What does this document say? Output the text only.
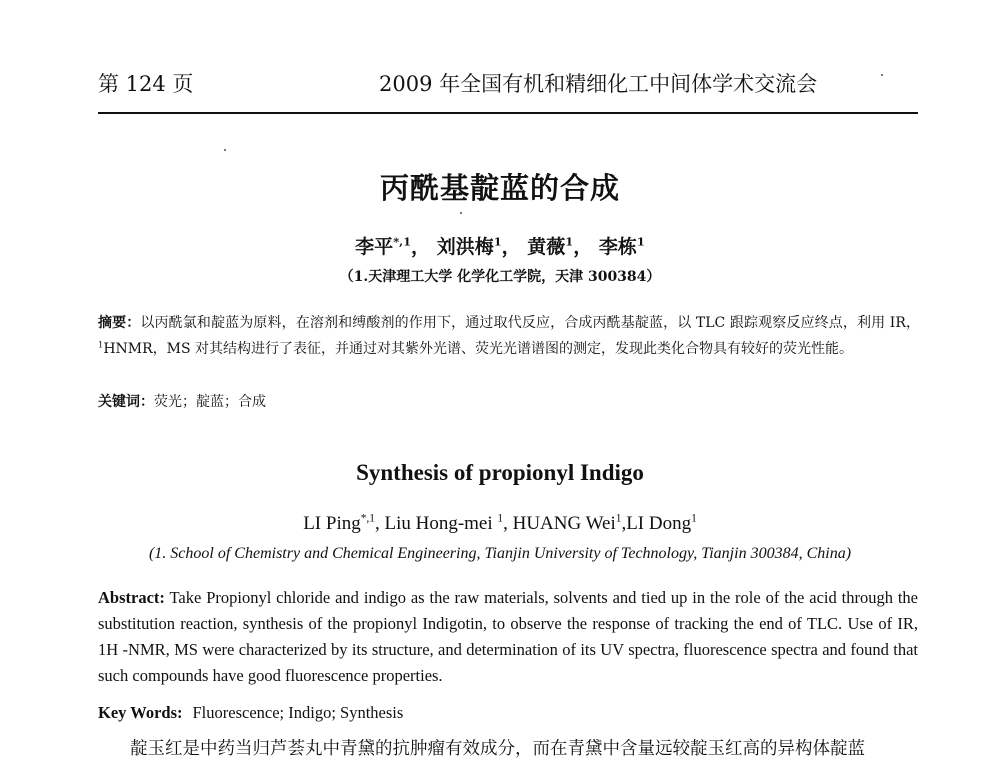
第 124 页	2009 年全国有机和精细化工中间体学术交流会
丙酰基靛蓝的合成
李平$^{*,1}$， 刘洪梅$^1$， 黄薇$^1$， 李栋$^1$
（1.天津理工大学 化学化工学院，天津 300384）
摘要：以丙酰氯和靛蓝为原料，在溶剂和缚酸剂的作用下，通过取代反应，合成丙酰基靛蓝，以 TLC 跟踪观察反应终点，利用 IR，$^1$HNMR，MS 对其结构进行了表征，并通过对其紫外光谱、荧光光谱谱图的测定，发现此类化合物具有较好的荧光性能。
关键词：荧光；靛蓝；合成
Synthesis of propionyl Indigo
LI Ping$^{*,1}$, Liu Hong-mei $^1$, HUANG Wei$^1$,LI Dong$^1$
(1. School of Chemistry and Chemical Engineering, Tianjin University of Technology, Tianjin 300384, China)
Abstract: Take Propionyl chloride and indigo as the raw materials, solvents and tied up in the role of the acid through the substitution reaction, synthesis of the propionyl Indigotin, to observe the response of tracking the end of TLC. Use of IR, 1H -NMR, MS were characterized by its structure, and determination of its UV spectra, fluorescence spectra and found that such compounds have good fluorescence properties.
Key Words: Fluorescence; Indigo; Synthesis
靛玉红是中药当归芦荟丸中青黛的抗肿瘤有效成分，而在青黛中含量远较靛玉红高的异构体靛蓝
